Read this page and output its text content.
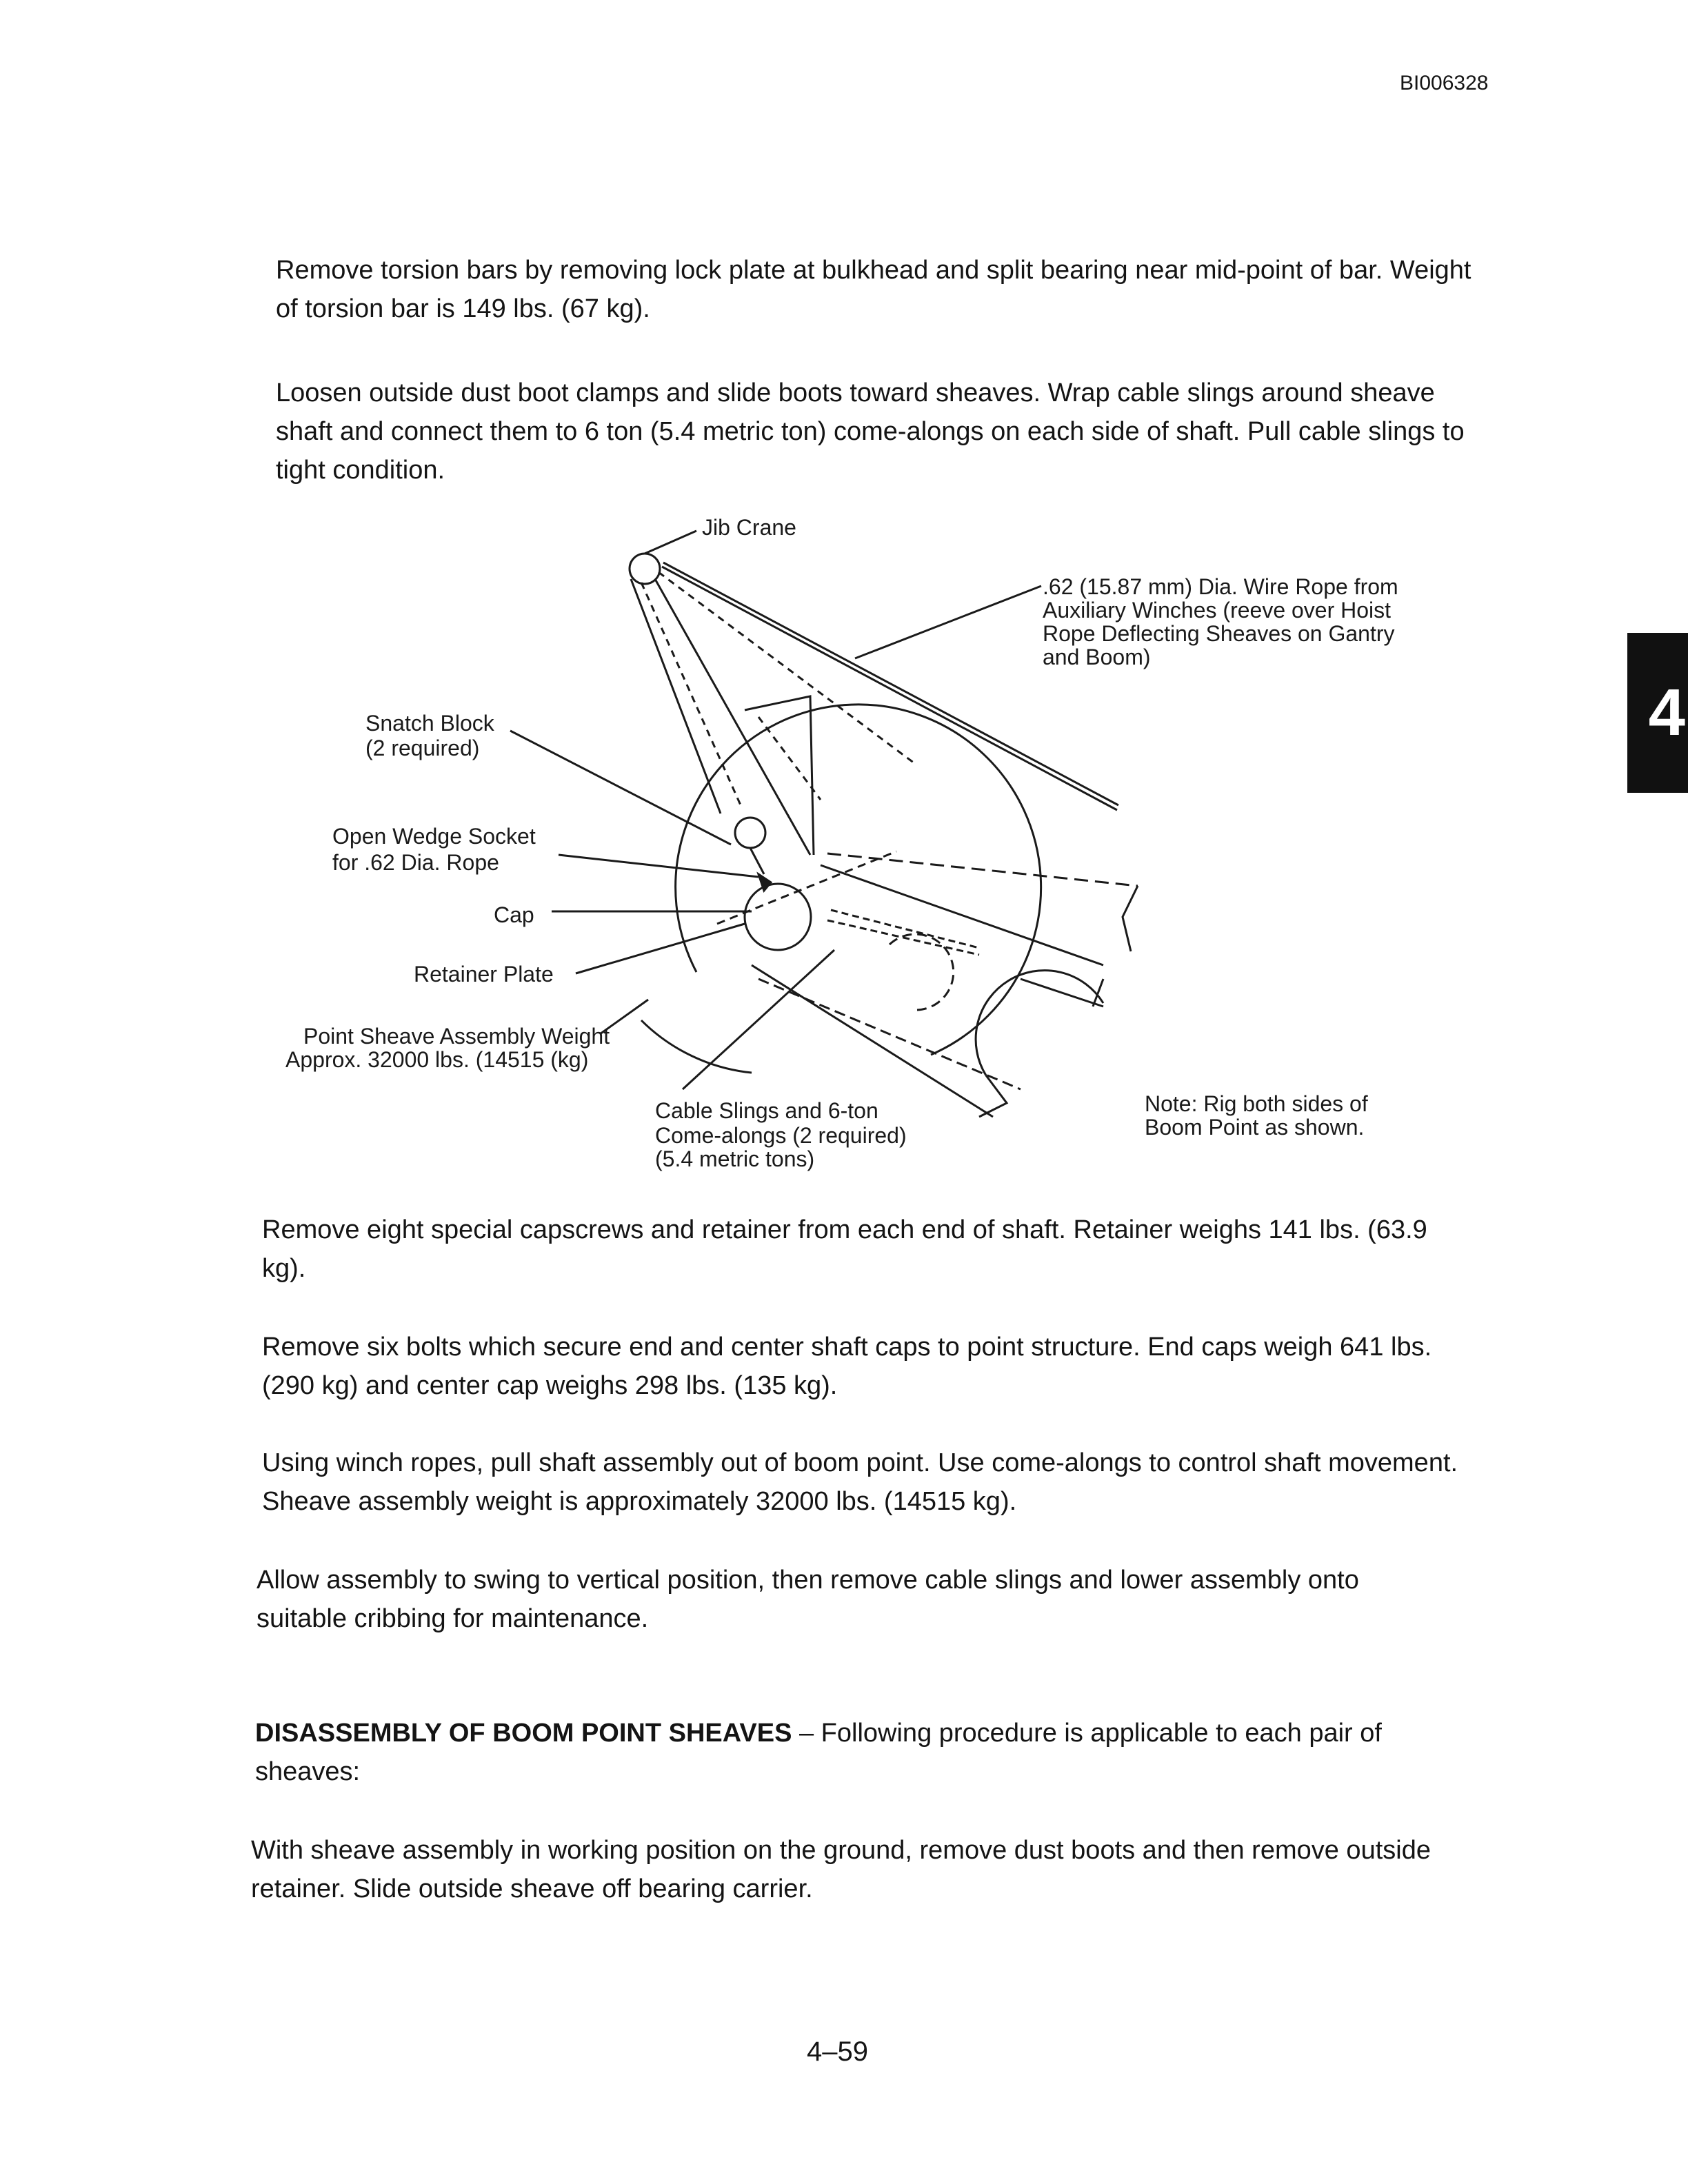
BI006328

Remove torsion bars by removing lock plate at bulkhead and split bearing near mid-point of bar. Weight of torsion bar is 149 lbs. (67 kg).

Loosen outside dust boot clamps and slide boots toward sheaves. Wrap cable slings around sheave shaft and connect them to 6 ton (5.4 metric ton) come-alongs on each side of shaft. Pull cable slings to tight condition.

Jib Crane
.62 (15.87 mm) Dia. Wire Rope from Auxiliary Winches (reeve over Hoist Rope Deflecting Sheaves on Gantry and Boom)
Snatch Block (2 required)
Open Wedge Socket for .62 Dia. Rope
Cap
Retainer Plate
Point Sheave Assembly Weight Approx. 32000 lbs. (14515 (kg)
Cable Slings and 6-ton Come-alongs (2 required) (5.4 metric tons)
Note: Rig both sides of Boom Point as shown.

Remove eight special capscrews and retainer from each end of shaft. Retainer weighs 141 lbs. (63.9 kg).

Remove six bolts which secure end and center shaft caps to point structure. End caps weigh 641 lbs. (290 kg) and center cap weighs 298 lbs. (135 kg).

Using winch ropes, pull shaft assembly out of boom point. Use come-alongs to control shaft movement. Sheave assembly weight is approximately 32000 lbs. (14515 kg).

Allow assembly to swing to vertical position, then remove cable slings and lower assembly onto suitable cribbing for maintenance.

DISASSEMBLY OF BOOM POINT SHEAVES – Following procedure is applicable to each pair of sheaves:

With sheave assembly in working position on the ground, remove dust boots and then remove outside retainer. Slide outside sheave off bearing carrier.

4
4–59
